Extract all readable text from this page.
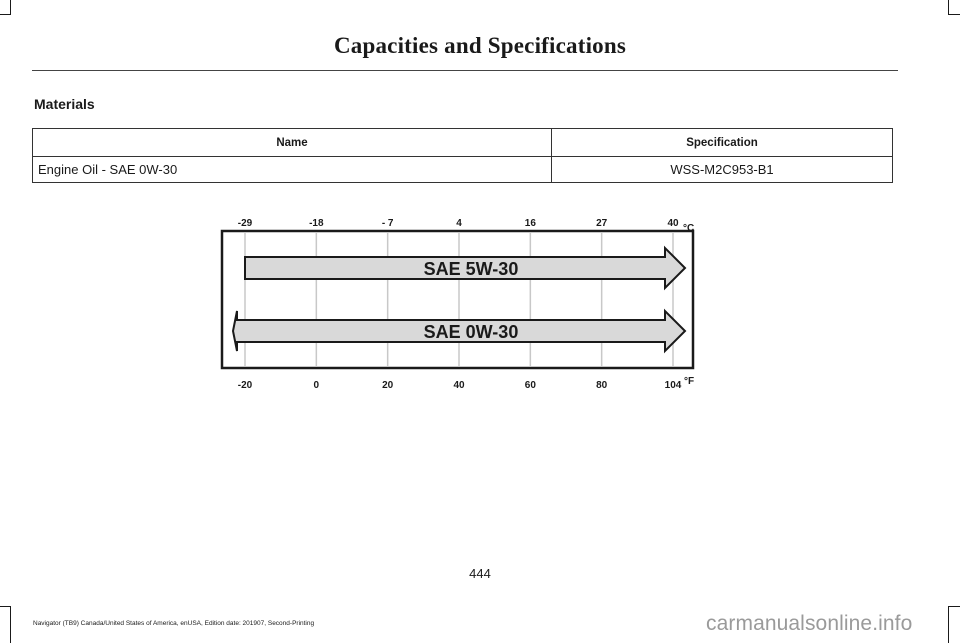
Capacities and Specifications
Materials
Name	Specification
Engine Oil - SAE 0W-30	WSS-M2C953-B1
SAE 5W-30
SAE 0W-30
-29
-20
-18
0
- 7
20
4
40
16
60
27
80
40
104
°C
°F
444
Navigator (TB9) Canada/United States of America, enUSA, Edition date: 201907, Second-Printing	carmanualsonline.info
